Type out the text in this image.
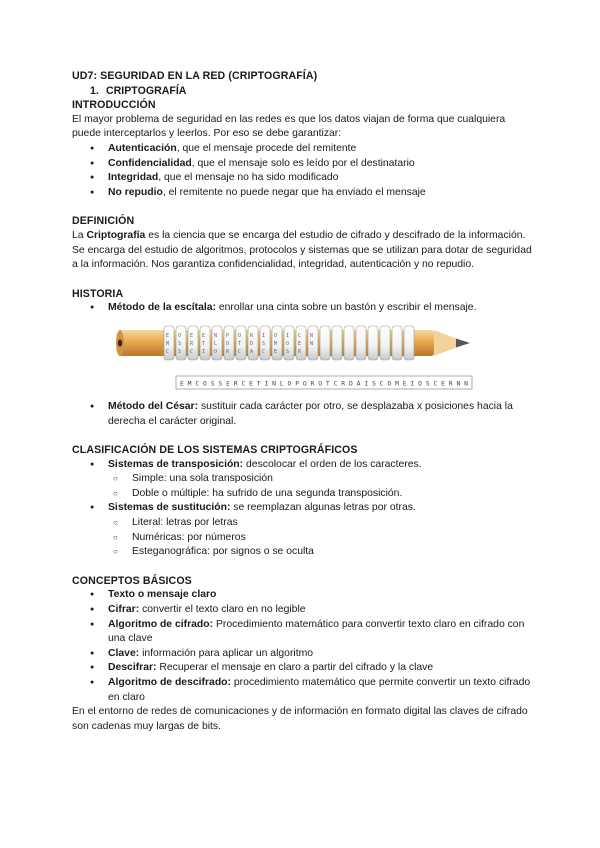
UD7: SEGURIDAD EN LA RED (CRIPTOGRAFÍA)
1. CRIPTOGRAFÍA
INTRODUCCIÓN

El mayor problema de seguridad en las redes es que los datos viajan de forma que cualquiera puede interceptarlos y leerlos. Por eso se debe garantizar:

● Autenticación, que el mensaje procede del remitente
● Confidencialidad, que el mensaje solo es leído por el destinatario
● Integridad, que el mensaje no ha sido modificado
● No repudio, el remitente no puede negar que ha enviado el mensaje
DEFINICIÓN

La Criptografía es la ciencia que se encarga del estudio de cifrado y descifrado de la información. Se encarga del estudio de algoritmos, protocolos y sistemas que se utilizan para dotar de seguridad a la información. Nos garantiza confidencialidad, integridad, autenticación y no repudio.

HISTORIA
● Método de la escítala: enrollar una cinta sobre un bastón y escribir el mensaje.
E
M
C
O
S
S
E
R
C
E
T
I
N
L
O
P
O
R
O
T
C
R
D
A
I
S
C
O
M
E
I
O
S
C
E
R
N
N
E M C O S S E R C E T I N L O P O R O T C R D A I S C O M E I O S C E R N N
● Método del César: sustituir cada carácter por otro, se desplazaba x posiciones hacia la derecha el carácter original.
CLASIFICACIÓN DE LOS SISTEMAS CRIPTOGRÁFICOS
● Sistemas de transposición: descolocar el orden de los caracteres.
○ Simple: una sola transposición
○ Doble o múltiple: ha sufrido de una segunda transposición.
● Sistemas de sustitución: se reemplazan algunas letras por otras.
○ Literal: letras por letras
○ Numéricas: por números
○ Esteganográfica: por signos o se oculta
CONCEPTOS BÁSICOS
● Texto o mensaje claro
● Cifrar: convertir el texto claro en no legible
● Algoritmo de cifrado: Procedimiento matemático para convertir texto claro en cifrado con una clave
● Clave: información para aplicar un algoritmo
● Descifrar: Recuperar el mensaje en claro a partir del cifrado y la clave
● Algoritmo de descifrado: procedimiento matemático que permite convertir un texto cifrado en claro

En el entorno de redes de comunicaciones y de información en formato digital las claves de cifrado son cadenas muy largas de bits.
